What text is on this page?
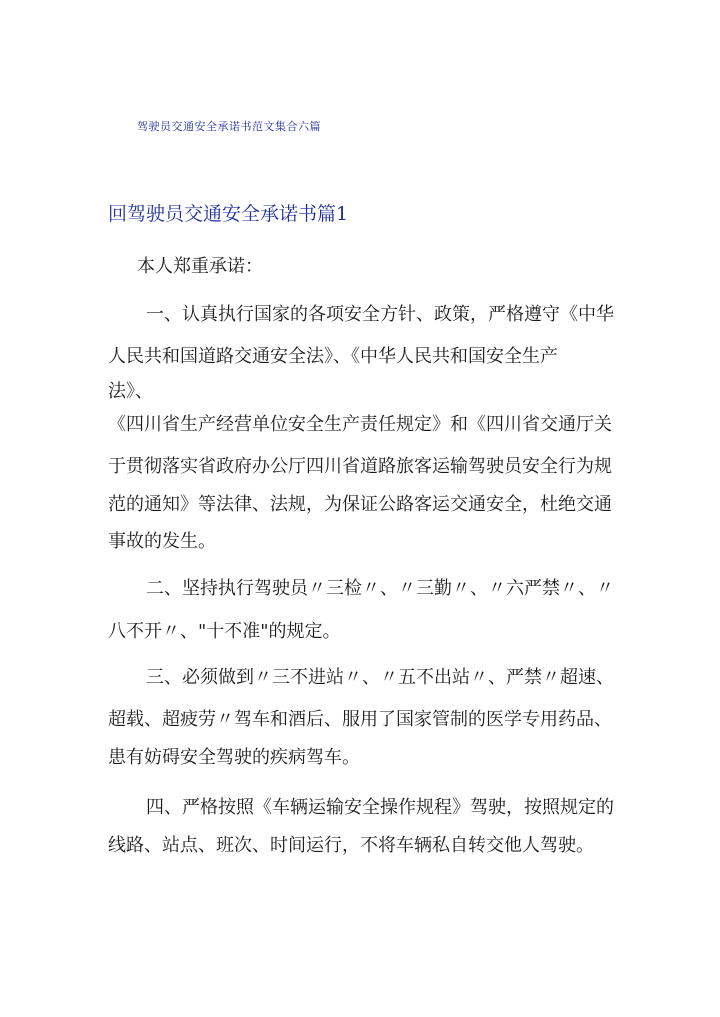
驾驶员交通安全承诺书范文集合六篇
回驾驶员交通安全承诺书篇1
本人郑重承诺：
一、认真执行国家的各项安全方针、政策，严格遵守《中华
人民共和国道路交通安全法》、《中华人民共和国安全生产
法》、
《四川省生产经营单位安全生产责任规定》和《四川省交通厅关
于贯彻落实省政府办公厅四川省道路旅客运输驾驶员安全行为规
范的通知》等法律、法规，为保证公路客运交通安全，杜绝交通
事故的发生。
二、坚持执行驾驶员〃三检〃、〃三勤〃、〃六严禁〃、〃
八不开〃、"十不准"的规定。
三、必须做到〃三不进站〃、〃五不出站〃、严禁〃超速、
超载、超疲劳〃驾车和酒后、服用了国家管制的医学专用药品、
患有妨碍安全驾驶的疾病驾车。
四、严格按照《车辆运输安全操作规程》驾驶，按照规定的
线路、站点、班次、时间运行，不将车辆私自转交他人驾驶。
